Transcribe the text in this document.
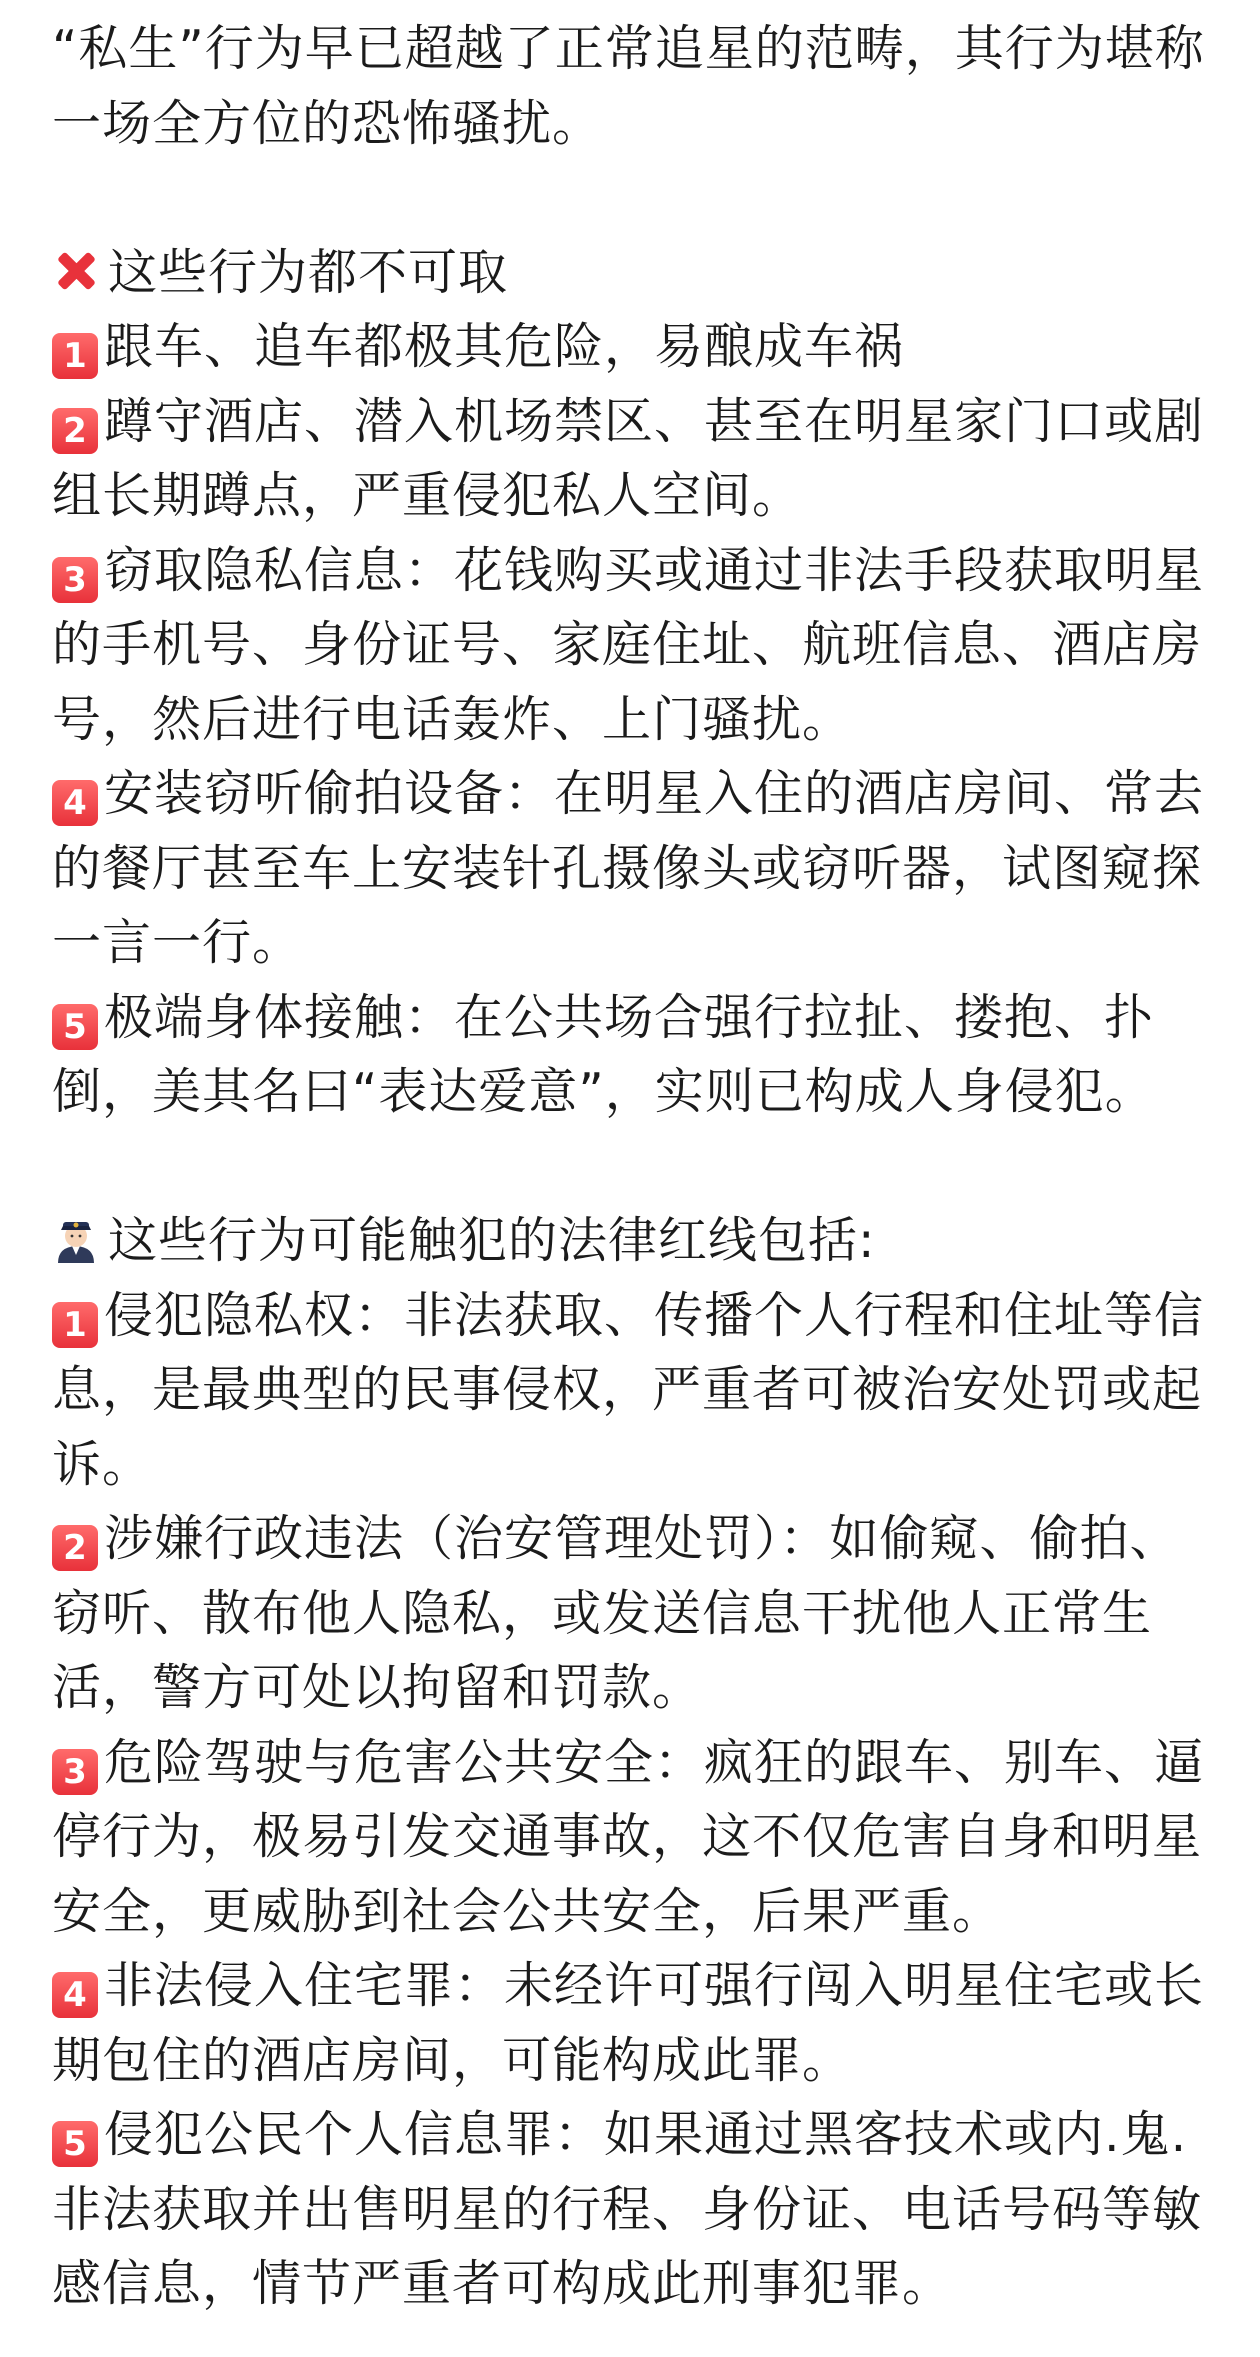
“私生”行为早已超越了正常追星的范畴，其行为堪称一场全方位的恐怖骚扰。

这些行为都不可取
1 跟车、追车都极其危险，易酿成车祸
2 蹲守酒店、潜入机场禁区、甚至在明星家门口或剧组长期蹲点，严重侵犯私人空间。
3 窃取隐私信息：花钱购买或通过非法手段获取明星的手机号、身份证号、家庭住址、航班信息、酒店房号，然后进行电话轰炸、上门骚扰。
4 安装窃听偷拍设备：在明星入住的酒店房间、常去的餐厅甚至车上安装针孔摄像头或窃听器，试图窥探一言一行。
5 极端身体接触：在公共场合强行拉扯、搂抱、扑倒，美其名曰“表达爱意”，实则已构成人身侵犯。
这些行为可能触犯的法律红线包括:
1 侵犯隐私权：非法获取、传播个人行程和住址等信息，是最典型的民事侵权，严重者可被治安处罚或起诉。
2 涉嫌行政违法（治安管理处罚）：如偷窥、偷拍、窃听、散布他人隐私，或发送信息干扰他人正常生活，警方可处以拘留和罚款。
3 危险驾驶与危害公共安全：疯狂的跟车、别车、逼停行为，极易引发交通事故，这不仅危害自身和明星安全，更威胁到社会公共安全，后果严重。
4 非法侵入住宅罪：未经许可强行闯入明星住宅或长期包住的酒店房间，可能构成此罪。
5 侵犯公民个人信息罪：如果通过黑客技术或内.鬼.非法获取并出售明星的行程、身份证、电话号码等敏感信息，情节严重者可构成此刑事犯罪。
